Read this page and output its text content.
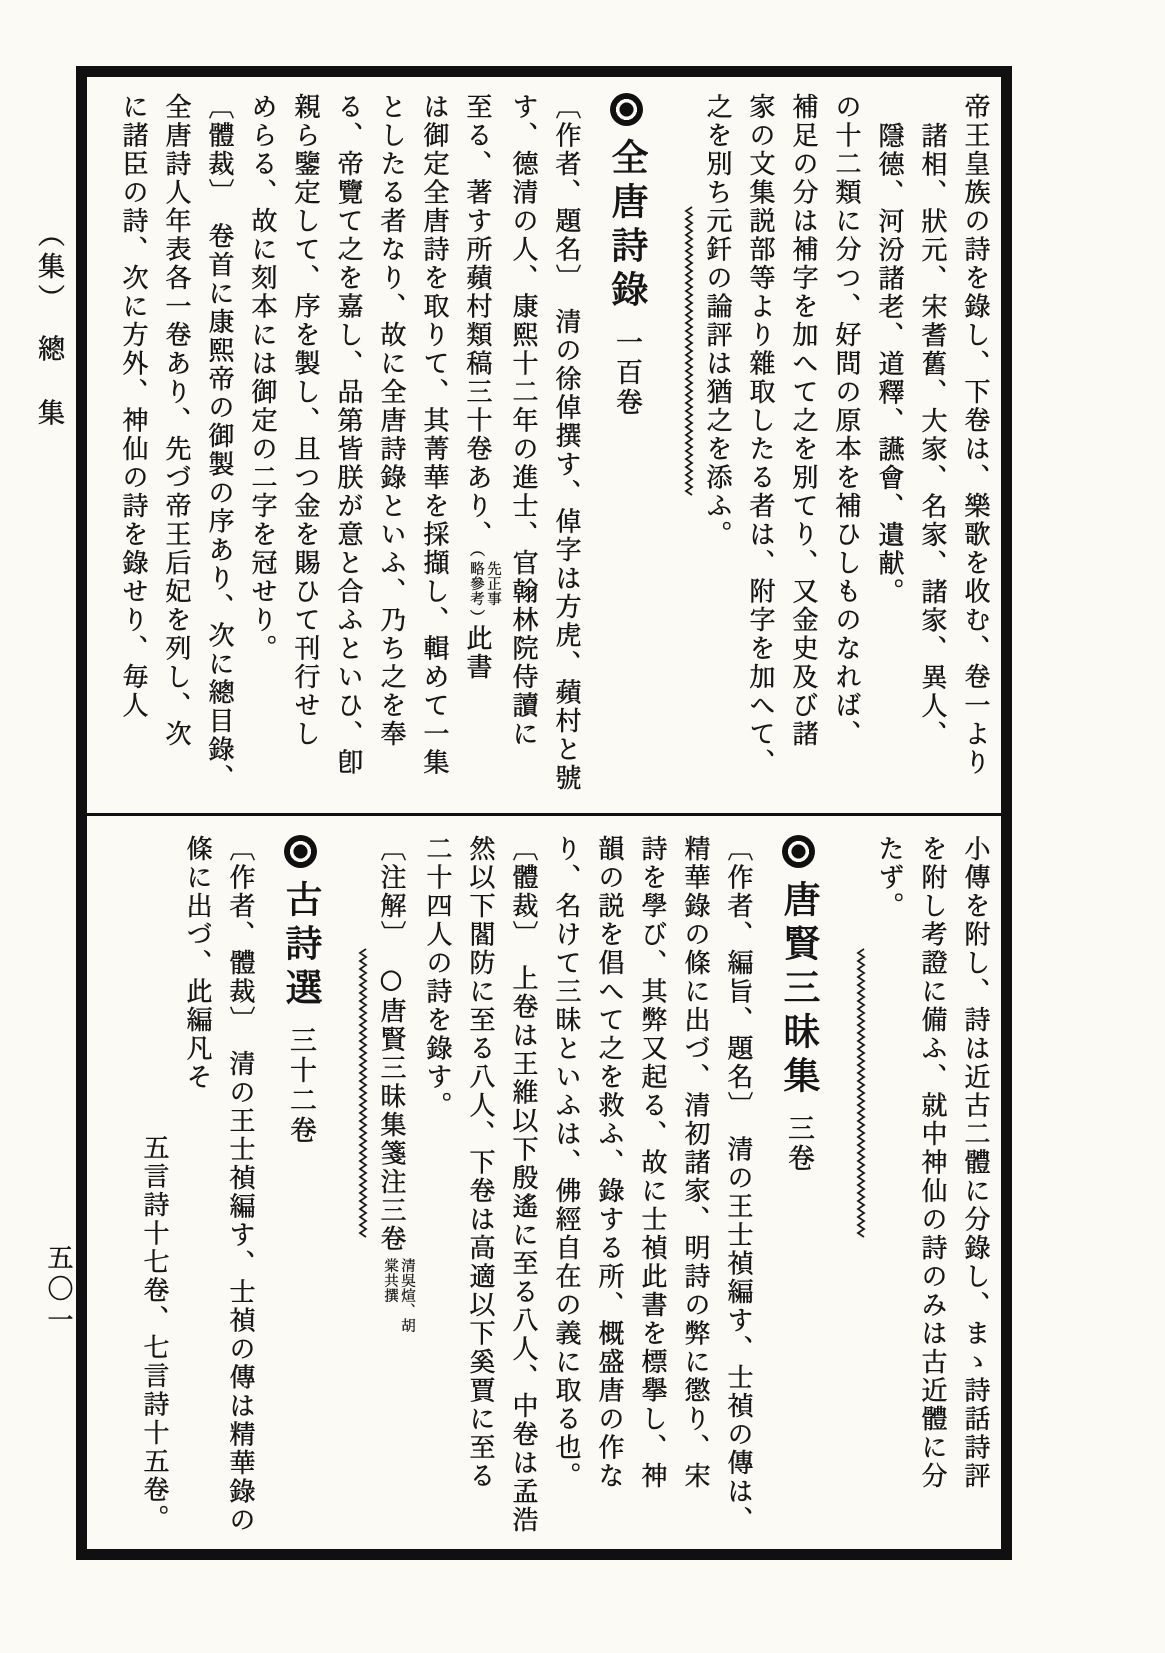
（集）　總　集
五〇一
帝王皇族の詩を錄し、下卷は、樂歌を收む、卷一より
諸相、狀元、宋耆舊、大家、名家、諸家、異人、
隱德、河汾諸老、道釋、讌會、遺献。
の十二類に分つ、好問の原本を補ひしものなれば、
補足の分は補字を加へて之を別てり、又金史及び諸
家の文集説部等より雜取したる者は、附字を加へて、
之を別ち元釺の論評は猶之を添ふ。
全唐詩錄一百卷
〔作者、題名〕　清の徐倬撰す、倬字は方虎、蘋村と號
す、德清の人、康熙十二年の進士、官翰林院侍讀に
至る、著す所蘋村類稿三十卷あり、（
先正事
略參考
）此書
は御定全唐詩を取りて、其菁華を採擷し、輯めて一集
としたる者なり、故に全唐詩錄といふ、乃ち之を奉
る、帝覽て之を嘉し、品第皆朕が意と合ふといひ、卽
親ら鑒定して、序を製し、且つ金を賜ひて刊行せし
めらる、故に刻本には御定の二字を冠せり。
〔體裁〕　卷首に康熙帝の御製の序あり、次に總目錄、
全唐詩人年表各一卷あり、先づ帝王后妃を列し、次
に諸臣の詩、次に方外、神仙の詩を錄せり、毎人
小傳を附し、詩は近古二體に分錄し、まゝ詩話詩評
を附し考證に備ふ、就中神仙の詩のみは古近體に分
たず。
唐賢三昧集三卷
〔作者、編旨、題名〕　清の王士禎編す、士禎の傳は、
精華錄の條に出づ、清初諸家、明詩の弊に懲り、宋
詩を學び、其弊又起る、故に士禎此書を標擧し、神
韻の説を倡へて之を救ふ、錄する所、概盛唐の作な
り、名けて三昧といふは、佛經自在の義に取る也。
〔體裁〕　上卷は王維以下殷遙に至る八人、中卷は孟浩
然以下閻防に至る八人、下卷は高適以下奚賈に至る
二十四人の詩を錄す。
〔注解〕　○唐賢三昧集箋注三卷
清吳煊、胡
棠共撰
古詩選三十二卷
〔作者、體裁〕　清の王士禎編す、士禎の傳は精華錄の
條に出づ、此編凡そ
五言詩十七卷、七言詩十五卷。
